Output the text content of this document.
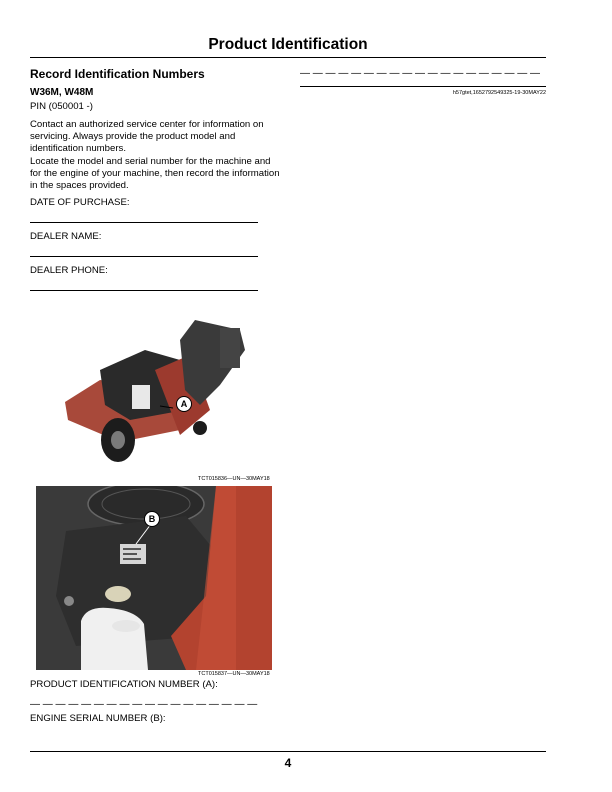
Product Identification
Record Identification Numbers
W36M, W48M
PIN (050001 -)
Contact an authorized service center for information on servicing. Always provide the product model and identification numbers.
Locate the model and serial number for the machine and for the engine of your machine, then record the information in the spaces provided.
DATE OF PURCHASE:
DEALER NAME:
DEALER PHONE:
A
TCT015836—UN—30MAY18
B
TCT015837—UN—30MAY18
PRODUCT IDENTIFICATION NUMBER (A):
— — — — — — — — — — — — — — — — — —
ENGINE SERIAL NUMBER (B):
— — — — — — — — — — — — — — — — — — —
h57gtet,1652792549325-19-30MAY22
4
